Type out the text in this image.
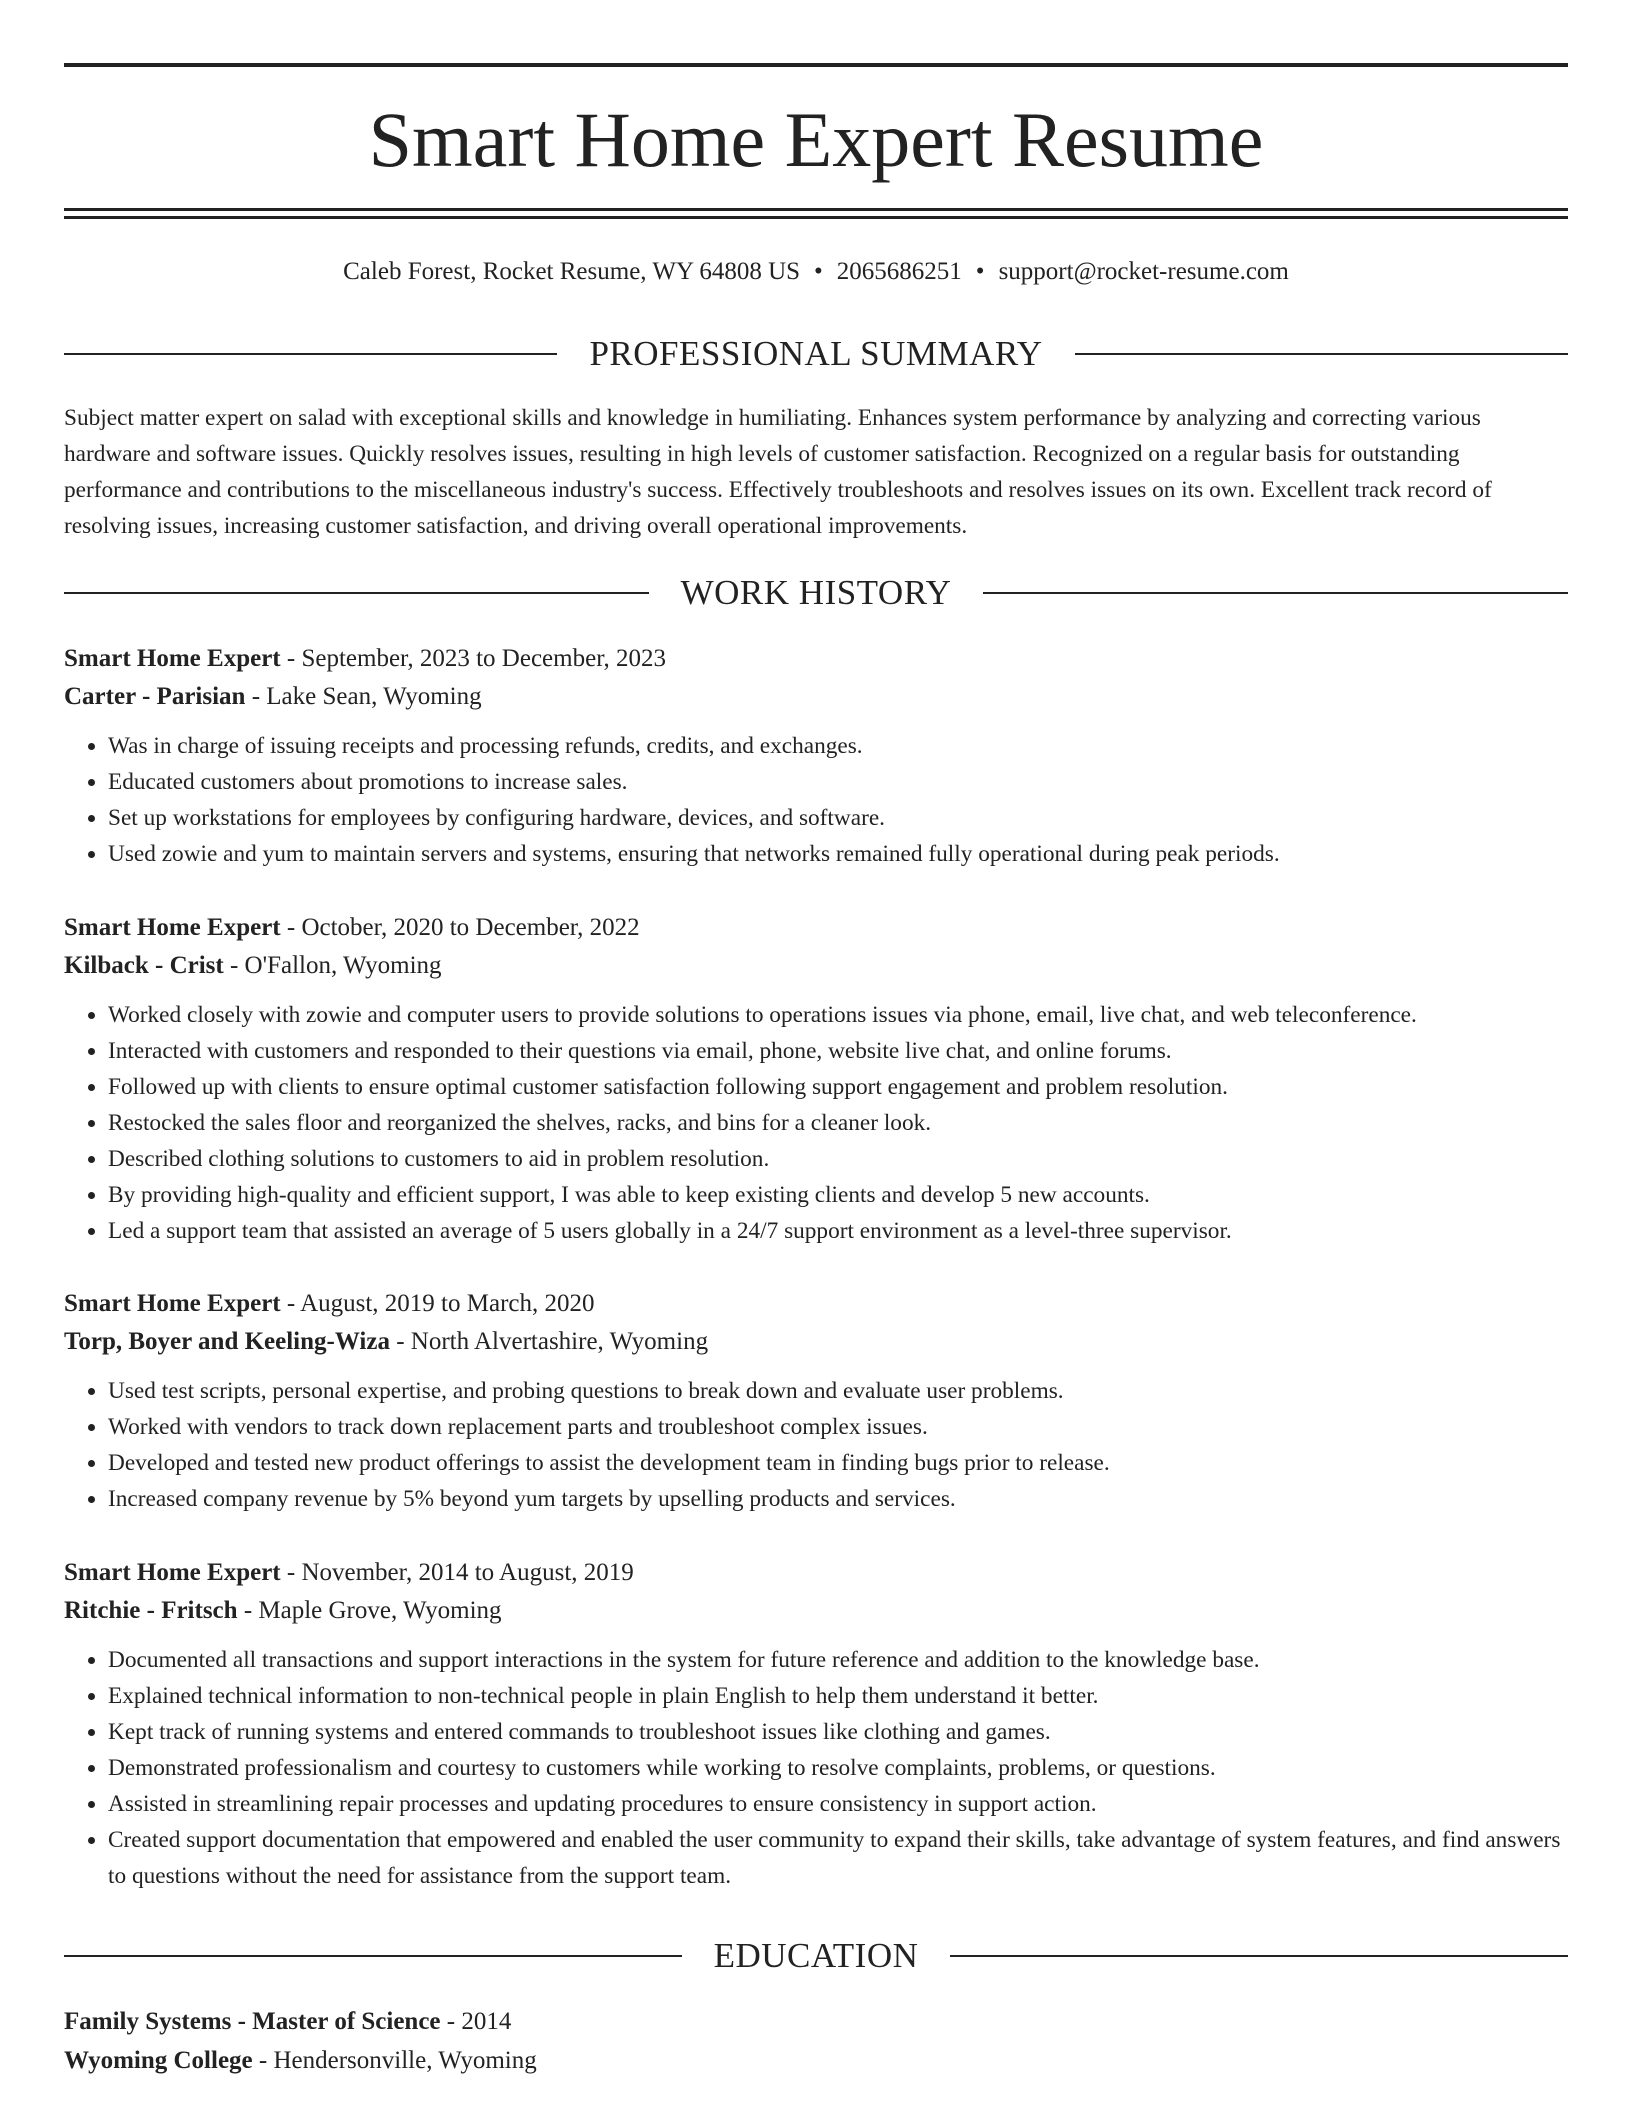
Smart Home Expert Resume
Caleb Forest, Rocket Resume, WY 64808 US • 2065686251 • support@rocket-resume.com
PROFESSIONAL SUMMARY

Subject matter expert on salad with exceptional skills and knowledge in humiliating. Enhances system performance by analyzing and correcting various hardware and software issues. Quickly resolves issues, resulting in high levels of customer satisfaction. Recognized on a regular basis for outstanding performance and contributions to the miscellaneous industry's success. Effectively troubleshoots and resolves issues on its own. Excellent track record of resolving issues, increasing customer satisfaction, and driving overall operational improvements.

WORK HISTORY
Smart Home Expert - September, 2023 to December, 2023
Carter - Parisian - Lake Sean, Wyoming
• Was in charge of issuing receipts and processing refunds, credits, and exchanges.
• Educated customers about promotions to increase sales.
• Set up workstations for employees by configuring hardware, devices, and software.
• Used zowie and yum to maintain servers and systems, ensuring that networks remained fully operational during peak periods.
Smart Home Expert - October, 2020 to December, 2022
Kilback - Crist - O'Fallon, Wyoming
• Worked closely with zowie and computer users to provide solutions to operations issues via phone, email, live chat, and web teleconference.
• Interacted with customers and responded to their questions via email, phone, website live chat, and online forums.
• Followed up with clients to ensure optimal customer satisfaction following support engagement and problem resolution.
• Restocked the sales floor and reorganized the shelves, racks, and bins for a cleaner look.
• Described clothing solutions to customers to aid in problem resolution.
• By providing high-quality and efficient support, I was able to keep existing clients and develop 5 new accounts.
• Led a support team that assisted an average of 5 users globally in a 24/7 support environment as a level-three supervisor.
Smart Home Expert - August, 2019 to March, 2020
Torp, Boyer and Keeling-Wiza - North Alvertashire, Wyoming
• Used test scripts, personal expertise, and probing questions to break down and evaluate user problems.
• Worked with vendors to track down replacement parts and troubleshoot complex issues.
• Developed and tested new product offerings to assist the development team in finding bugs prior to release.
• Increased company revenue by 5% beyond yum targets by upselling products and services.
Smart Home Expert - November, 2014 to August, 2019
Ritchie - Fritsch - Maple Grove, Wyoming
• Documented all transactions and support interactions in the system for future reference and addition to the knowledge base.
• Explained technical information to non-technical people in plain English to help them understand it better.
• Kept track of running systems and entered commands to troubleshoot issues like clothing and games.
• Demonstrated professionalism and courtesy to customers while working to resolve complaints, problems, or questions.
• Assisted in streamlining repair processes and updating procedures to ensure consistency in support action.
• Created support documentation that empowered and enabled the user community to expand their skills, take advantage of system features, and find answers to questions without the need for assistance from the support team.
EDUCATION
Family Systems - Master of Science - 2014
Wyoming College - Hendersonville, Wyoming
